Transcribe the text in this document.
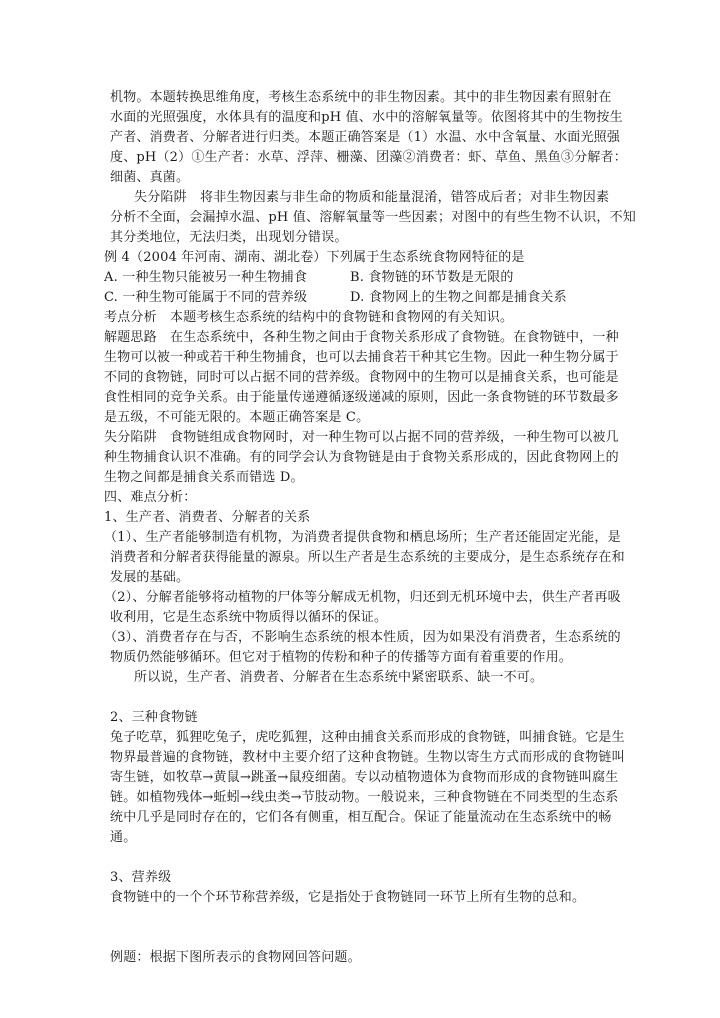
机物。本题转换思维角度，考核生态系统中的非生物因素。其中的非生物因素有照射在
水面的光照强度，水体具有的温度和pH 值、水中的溶解氧量等。依图将其中的生物按生
产者、消费者、分解者进行归类。本题正确答案是（1）水温、水中含氧量、水面光照强
度、pH（2）①生产者：水草、浮萍、栅藻、团藻②消费者：虾、草鱼、黑鱼③分解者：
细菌、真菌。
失分陷阱　将非生物因素与非生命的物质和能量混淆，错答成后者；对非生物因素
分析不全面，会漏掉水温、pH 值、溶解氧量等一些因素；对图中的有些生物不认识，不知
其分类地位，无法归类，出现划分错误。
例 4（2004 年河南、湖南、湖北卷）下列属于生态系统食物网特征的是
A. 一种生物只能被另一种生物捕食	B. 食物链的环节数是无限的
C. 一种生物可能属于不同的营养级	D. 食物网上的生物之间都是捕食关系
考点分析　本题考核生态系统的结构中的食物链和食物网的有关知识。
解题思路　在生态系统中，各种生物之间由于食物关系形成了食物链。在食物链中，一种
生物可以被一种或若干种生物捕食，也可以去捕食若干种其它生物。因此一种生物分属于
不同的食物链，同时可以占据不同的营养级。食物网中的生物可以是捕食关系，也可能是
食性相同的竞争关系。由于能量传递遵循逐级递减的原则，因此一条食物链的环节数最多
是五级，不可能无限的。本题正确答案是 C。
失分陷阱　食物链组成食物网时，对一种生物可以占据不同的营养级，一种生物可以被几
种生物捕食认识不准确。有的同学会认为食物链是由于食物关系形成的，因此食物网上的
生物之间都是捕食关系而错选 D。
四、难点分析：
1、生产者、消费者、分解者的关系
（1）、生产者能够制造有机物，为消费者提供食物和栖息场所；生产者还能固定光能，是
消费者和分解者获得能量的源泉。所以生产者是生态系统的主要成分，是生态系统存在和
发展的基础。
（2）、分解者能够将动植物的尸体等分解成无机物，归还到无机环境中去，供生产者再吸
收利用，它是生态系统中物质得以循环的保证。
（3）、消费者存在与否，不影响生态系统的根本性质，因为如果没有消费者，生态系统的
物质仍然能够循环。但它对于植物的传粉和种子的传播等方面有着重要的作用。
所以说，生产者、消费者、分解者在生态系统中紧密联系、缺一不可。
2、三种食物链
兔子吃草，狐狸吃兔子，虎吃狐狸，这种由捕食关系而形成的食物链，叫捕食链。它是生
物界最普遍的食物链，教材中主要介绍了这种食物链。生物以寄生方式而形成的食物链叫
寄生链，如牧草→黄鼠→跳蚤→鼠疫细菌。专以动植物遗体为食物而形成的食物链叫腐生
链。如植物残体→蚯蚓→线虫类→节肢动物。一般说来，三种食物链在不同类型的生态系
统中几乎是同时存在的，它们各有侧重，相互配合。保证了能量流动在生态系统中的畅
通。
3、营养级
食物链中的一个个环节称营养级，它是指处于食物链同一环节上所有生物的总和。
例题：根据下图所表示的食物网回答问题。
